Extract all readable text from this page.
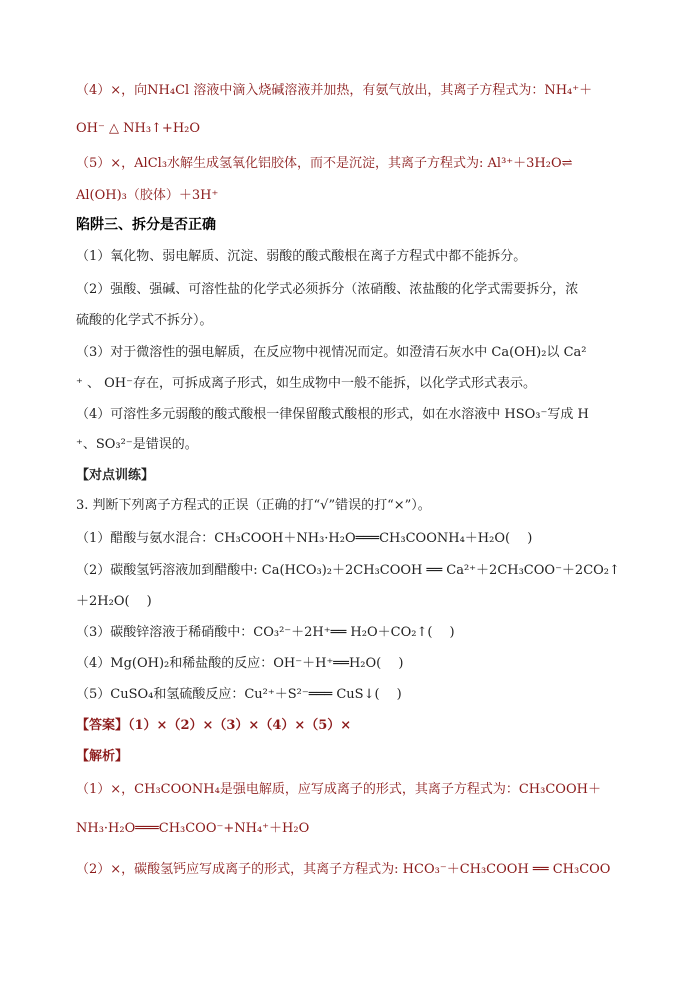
（4）×，向NH₄Cl 溶液中滴入烧碱溶液并加热，有氨气放出，其离子方程式为：NH₄⁺＋
OH⁻ △ NH₃↑+H₂O
（5）×，AlCl₃水解生成氢氧化铝胶体，而不是沉淀，其离子方程式为: Al³⁺＋3H₂O⇌
Al(OH)₃（胶体）＋3H⁺
陷阱三、拆分是否正确
（1）氧化物、弱电解质、沉淀、弱酸的酸式酸根在离子方程式中都不能拆分。
（2）强酸、强碱、可溶性盐的化学式必须拆分（浓硝酸、浓盐酸的化学式需要拆分，浓
硫酸的化学式不拆分）。
（3）对于微溶性的强电解质，在反应物中视情况而定。如澄清石灰水中 Ca(OH)₂以 Ca²
⁺ 、 OH⁻存在，可拆成离子形式，如生成物中一般不能拆，以化学式形式表示。
（4）可溶性多元弱酸的酸式酸根一律保留酸式酸根的形式，如在水溶液中 HSO₃⁻写成 H
⁺、SO₃²⁻是错误的。
【对点训练】
3. 判断下列离子方程式的正误（正确的打“√”错误的打“×”）。
（1）醋酸与氨水混合：CH₃COOH＋NH₃·H₂O═══CH₃COONH₄＋H₂O(　 )
（2）碳酸氢钙溶液加到醋酸中: Ca(HCO₃)₂＋2CH₃COOH ══ Ca²⁺＋2CH₃COO⁻＋2CO₂↑
＋2H₂O(　 )
（3）碳酸锌溶液于稀硝酸中：CO₃²⁻＋2H⁺══ H₂O＋CO₂↑(　 )
（4）Mg(OH)₂和稀盐酸的反应：OH⁻＋H⁺══H₂O(　 )
（5）CuSO₄和氢硫酸反应：Cu²⁺＋S²⁻═══ CuS↓(　 )
【答案】（1）×（2）×（3）×（4）×（5）×
【解析】
（1）×，CH₃COONH₄是强电解质，应写成离子的形式，其离子方程式为：CH₃COOH＋
NH₃·H₂O═══CH₃COO⁻+NH₄⁺＋H₂O
（2）×，碳酸氢钙应写成离子的形式，其离子方程式为: HCO₃⁻＋CH₃COOH ══ CH₃COO
